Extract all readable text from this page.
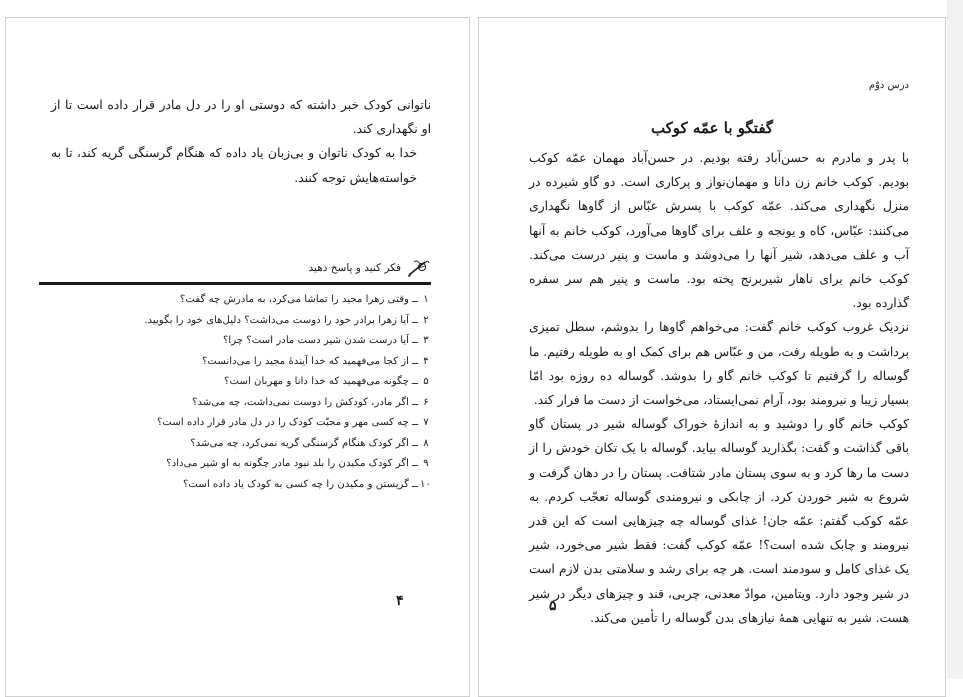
ناتوانی کودک خبر داشته که دوستی او را در دل مادر قرار داده است تا از او نگهداری کند.

خدا به کودک ناتوان و بی‌زبان یاد داده که هنگام گرسنگی گریه کند، تا به خواسته‌هایش توجه کنند.

فکر کنید و پاسخ دهید
۱ــوقتی زهرا مجید را تماشا می‌کرد، به مادرش چه گفت؟
۲ــآیا زهرا برادر خود را دوست می‌داشت؟ دلیل‌های خود را بگویید.
۳ــآیا درست شدن شیر دست مادر است؟ چرا؟
۴ــاز کجا می‌فهمید که خدا آیندهٔ مجید را می‌دانست؟
۵ــچگونه می‌فهمید که خدا دانا و مهربان است؟
۶ــاگر مادر، کودکش را دوست نمی‌داشت، چه می‌شد؟
۷ــچه کسی مهر و محبّت کودک را در دل مادر قرار داده است؟
۸ــاگر کودک هنگام گرسنگی گریه نمی‌کرد، چه می‌شد؟
۹ــاگر کودک مکیدن را بلد نبود مادر چگونه به او شیر می‌داد؟
۱۰ــگریستن و مکیدن را چه کسی به کودک یاد داده است؟
۴
درس دوّم
گفتگو با عمّه کوکب

با پدر و مادرم به حسن‌آباد رفته بودیم. در حسن‌آباد مهمان عمّه کوکب بودیم. کوکب خانم زن دانا و مهمان‌نواز و پرکاری است. دو گاو شیرده در منزل نگهداری می‌کند. عمّه کوکب با پسرش عبّاس از گاوها نگهداری می‌کنند: عبّاس، کاه و یونجه و علف برای گاوها می‌آورد، کوکب خانم به آنها آب و علف می‌دهد، شیر آنها را می‌دوشد و ماست و پنیر درست می‌کند. کوکب خانم برای ناهار شیربرنج پخته بود. ماست و پنیر هم سر سفره گذارده بود.

نزدیک غروب کوکب خانم گفت: می‌خواهم گاوها را بدوشم، سطل تمیزی برداشت و به طویله رفت، من و عبّاس هم برای کمک او به طویله رفتیم. ما گوساله را گرفتیم تا کوکب خانم گاو را بدوشد. گوساله ده روزه بود امّا بسیار زیبا و نیرومند بود، آرام نمی‌ایستاد، می‌خواست از دست ما فرار کند.

کوکب خانم گاو را دوشید و به اندازهٔ خوراک گوساله شیر در پستان گاو باقی گذاشت و گفت: بگذارید گوساله بیاید. گوساله با یک تکان خودش را از دست ما رها کرد و به سوی پستان مادر شتافت. پستان را در دهان گرفت و شروع به شیر خوردن کرد. از چابکی و نیرومندی گوساله تعجّب کردم. به عمّه کوکب گفتم: عمّه جان! غذای گوساله چه چیزهایی است که این قدر نیرومند و چابک شده است؟! عمّه کوکب گفت: فقط شیر می‌خورد، شیر یک غذای کامل و سودمند است. هر چه برای رشد و سلامتی بدن لازم است در شیر وجود دارد. ویتامین، موادّ معدنی، چربی، قند و چیزهای دیگر در شیر هست. شیر به تنهایی همهٔ نیازهای بدن گوساله را تأمین می‌کند.

۵
